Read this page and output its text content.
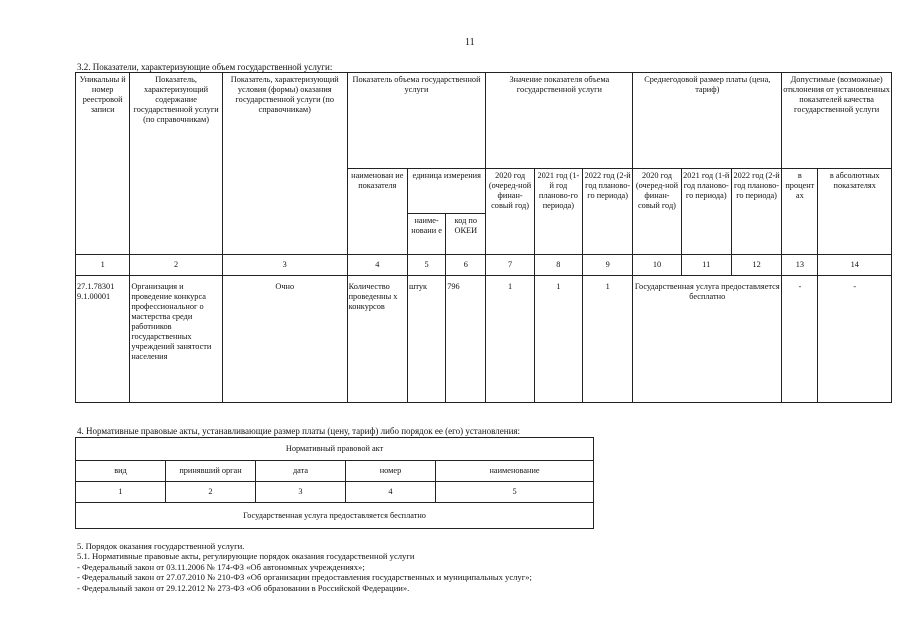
11
3.2. Показатели, характеризующие объем государственной услуги:
Уникальны й номер реестровой записи	Показатель, характеризующий содержание государственной услуги (по справочникам)	Показатель, характеризующий условия (формы) оказания государственной услуги (по справочникам)	Показатель объема государственной услуги			Значение показателя объема государственной услуги			Среднегодовой размер платы (цена, тариф)			Допустимые (возможные) отклонения от установленных показателей качества государственной услуги	
			наименован ие показателя	единица измерения		2020 год (очеред-ной финан-совый год)	2021 год (1-й год планово-го периода)	2022 год (2-й год планово-го периода)	2020 год (очеред-ной финан-совый год)	2021 год (1-й год планово-го периода)	2022 год (2-й год планово-го периода)	в процент ах	в абсолютных показателях
				наиме-новани е	код по ОКЕИ								
1	2	3	4	5	6	7	8	9	10	11	12	13	14
27.1.78301 9.1.00001	Организация и проведение конкурса профессиональног о мастерства среди работников государственных учреждений занятости населения	Очно	Количество проведенны х конкурсов	штук	796	1	1	1	Государственная услуга предоставляется бесплатно			-	-
4. Нормативные правовые акты, устанавливающие размер платы (цену, тариф) либо порядок ее (его) установления:
Нормативный правовой акт				
вид	принявший орган	дата	номер	наименование
1	2	3	4	5
Государственная услуга предоставляется бесплатно				
5. Порядок оказания государственной услуги.
5.1. Нормативные правовые акты, регулирующие порядок оказания государственной услуги
- Федеральный закон от 03.11.2006 № 174-ФЗ «Об автономных учреждениях»;
- Федеральный закон от 27.07.2010 № 210-ФЗ «Об организации предоставления государственных и муниципальных услуг»;
- Федеральный закон от 29.12.2012 № 273-ФЗ «Об образовании в Российской Федерации».
